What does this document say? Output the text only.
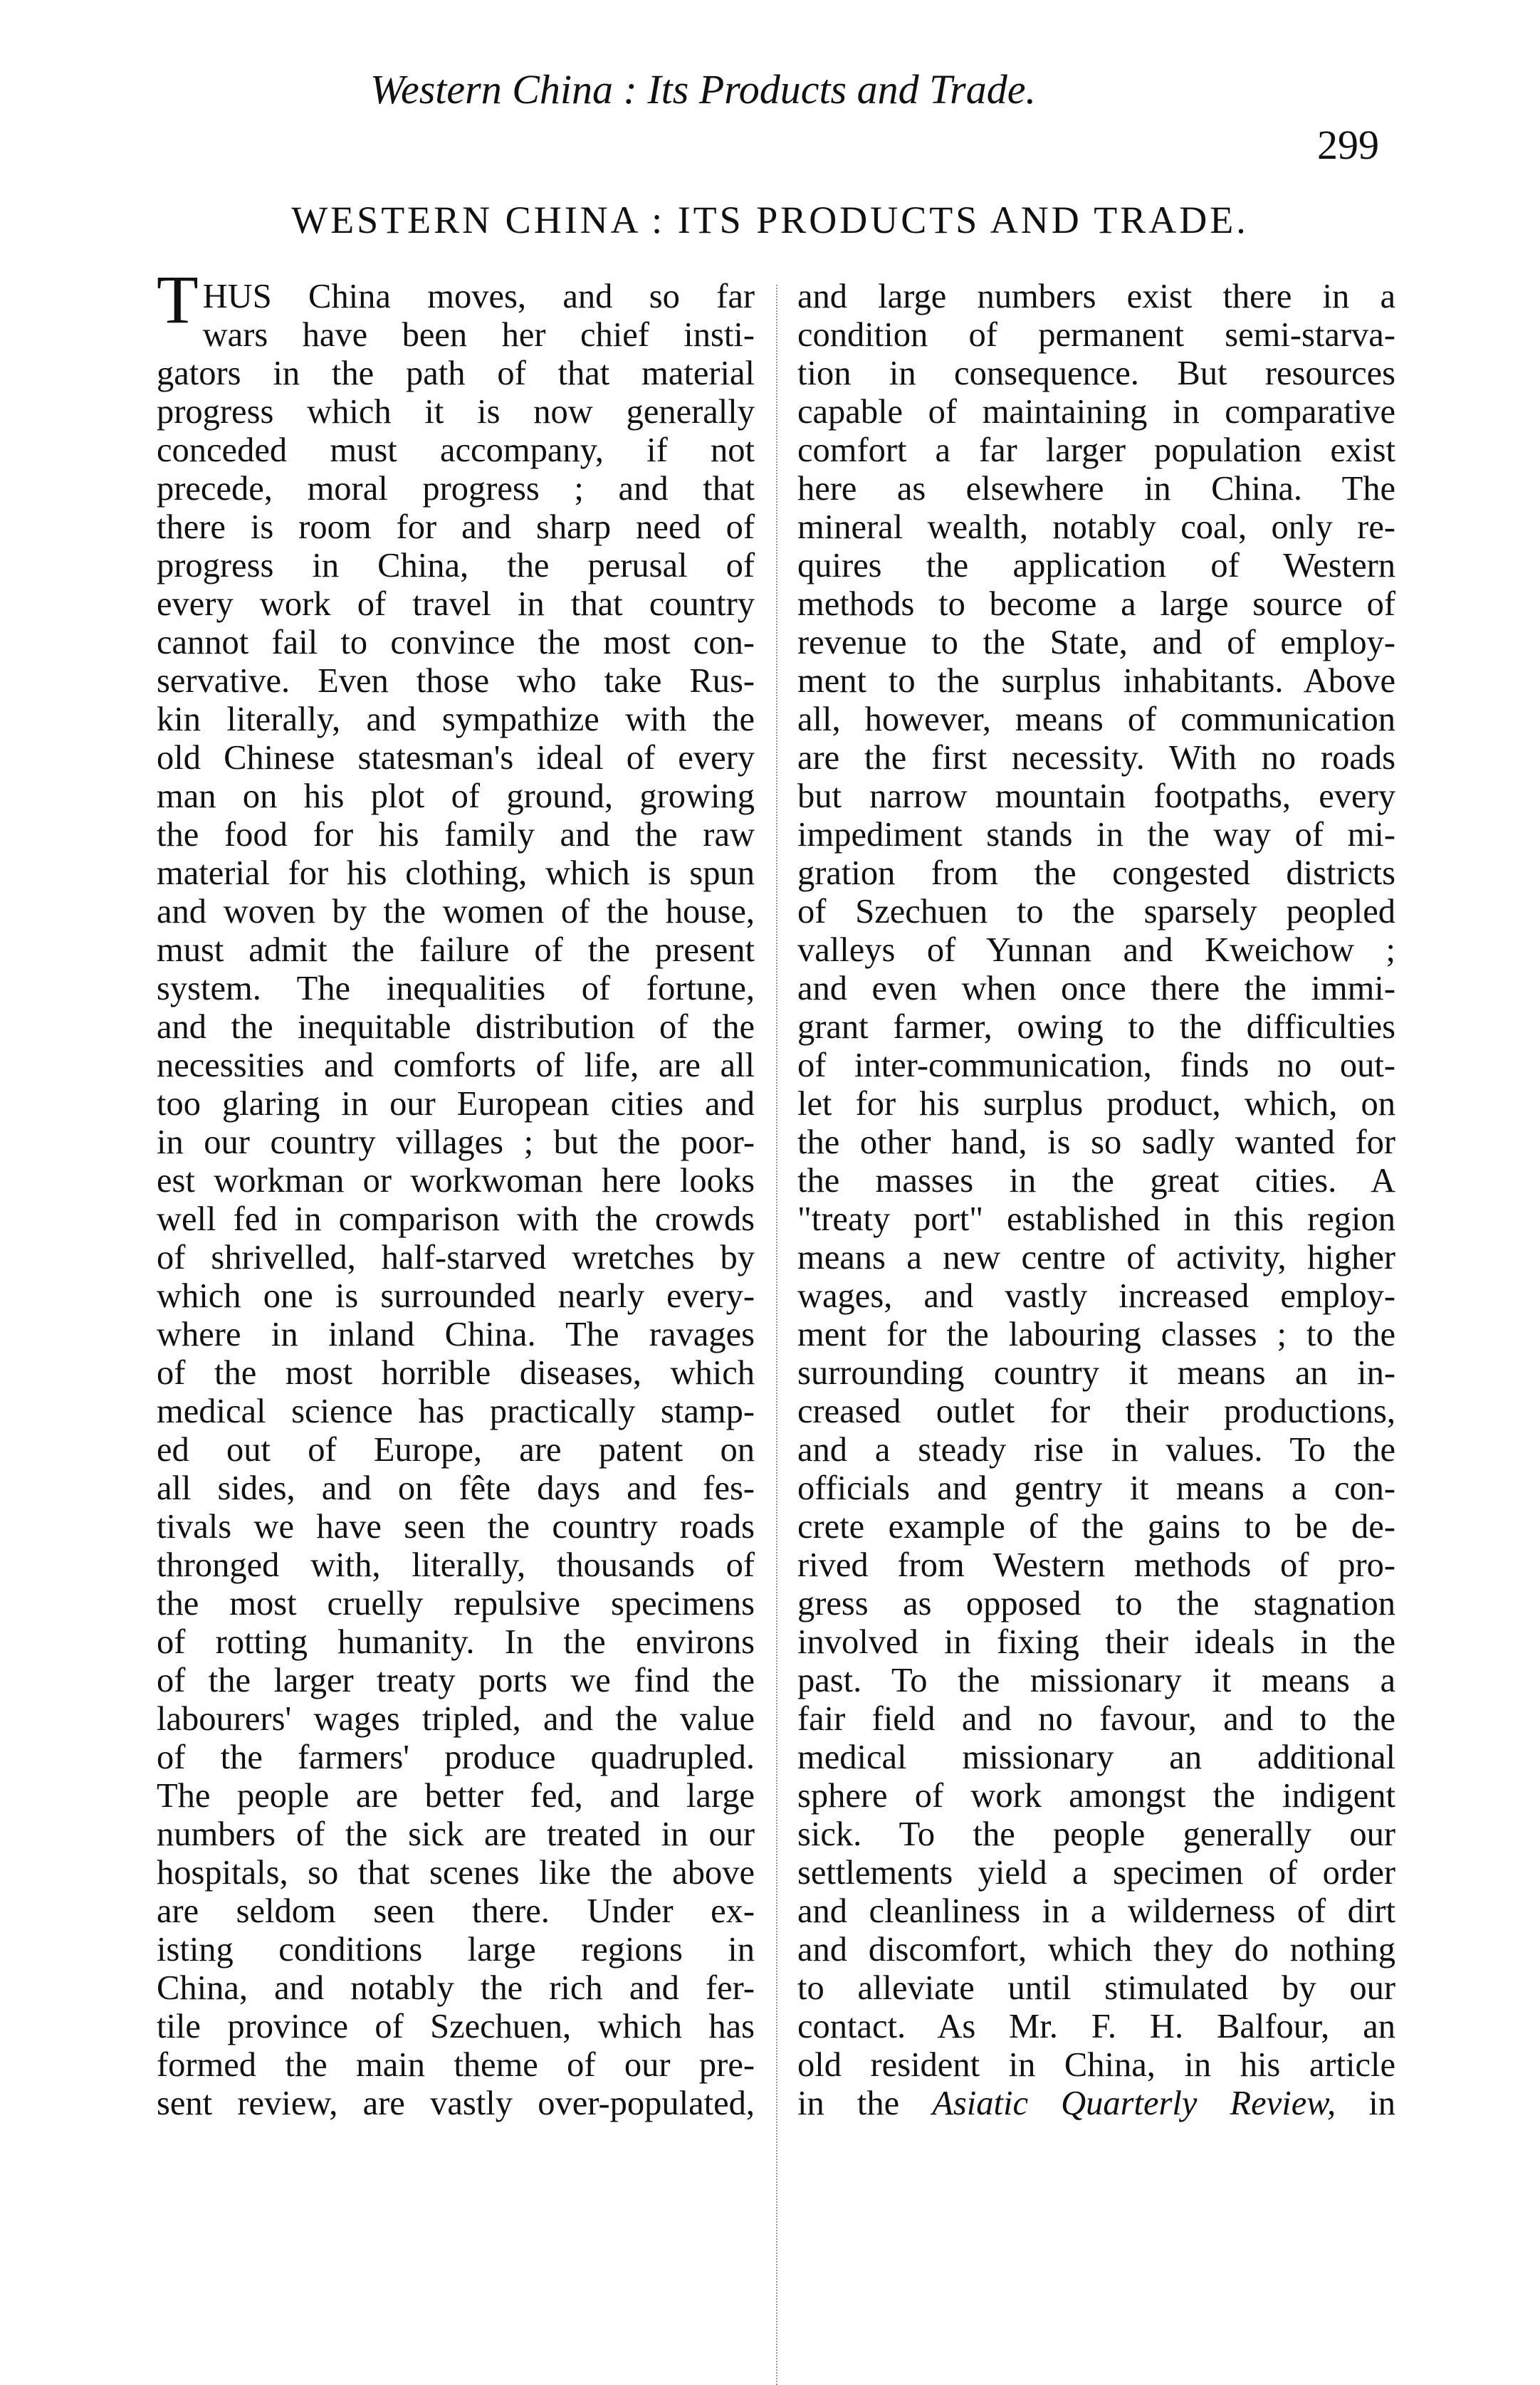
Western China : Its Products and Trade.
299
WESTERN CHINA : ITS PRODUCTS AND TRADE.
THUS China moves, and so far
wars have been her chief insti-
gators in the path of that material
progress which it is now generally
conceded must accompany, if not
precede, moral progress ; and that
there is room for and sharp need of
progress in China, the perusal of
every work of travel in that country
cannot fail to convince the most con-
servative. Even those who take Rus-
kin literally, and sympathize with the
old Chinese statesman's ideal of every
man on his plot of ground, growing
the food for his family and the raw
material for his clothing, which is spun
and woven by the women of the house,
must admit the failure of the present
system. The inequalities of fortune,
and the inequitable distribution of the
necessities and comforts of life, are all
too glaring in our European cities and
in our country villages ; but the poor-
est workman or workwoman here looks
well fed in comparison with the crowds
of shrivelled, half-starved wretches by
which one is surrounded nearly every-
where in inland China. The ravages
of the most horrible diseases, which
medical science has practically stamp-
ed out of Europe, are patent on
all sides, and on fête days and fes-
tivals we have seen the country roads
thronged with, literally, thousands of
the most cruelly repulsive specimens
of rotting humanity. In the environs
of the larger treaty ports we find the
labourers' wages tripled, and the value
of the farmers' produce quadrupled.
The people are better fed, and large
numbers of the sick are treated in our
hospitals, so that scenes like the above
are seldom seen there. Under ex-
isting conditions large regions in
China, and notably the rich and fer-
tile province of Szechuen, which has
formed the main theme of our pre-
sent review, are vastly over-populated,
and large numbers exist there in a
condition of permanent semi-starva-
tion in consequence. But resources
capable of maintaining in comparative
comfort a far larger population exist
here as elsewhere in China. The
mineral wealth, notably coal, only re-
quires the application of Western
methods to become a large source of
revenue to the State, and of employ-
ment to the surplus inhabitants. Above
all, however, means of communication
are the first necessity. With no roads
but narrow mountain footpaths, every
impediment stands in the way of mi-
gration from the congested districts
of Szechuen to the sparsely peopled
valleys of Yunnan and Kweichow ;
and even when once there the immi-
grant farmer, owing to the difficulties
of inter-communication, finds no out-
let for his surplus product, which, on
the other hand, is so sadly wanted for
the masses in the great cities. A
"treaty port" established in this region
means a new centre of activity, higher
wages, and vastly increased employ-
ment for the labouring classes ; to the
surrounding country it means an in-
creased outlet for their productions,
and a steady rise in values. To the
officials and gentry it means a con-
crete example of the gains to be de-
rived from Western methods of pro-
gress as opposed to the stagnation
involved in fixing their ideals in the
past. To the missionary it means a
fair field and no favour, and to the
medical missionary an additional
sphere of work amongst the indigent
sick. To the people generally our
settlements yield a specimen of order
and cleanliness in a wilderness of dirt
and discomfort, which they do nothing
to alleviate until stimulated by our
contact. As Mr. F. H. Balfour, an
old resident in China, in his article
in the Asiatic Quarterly Review, in
